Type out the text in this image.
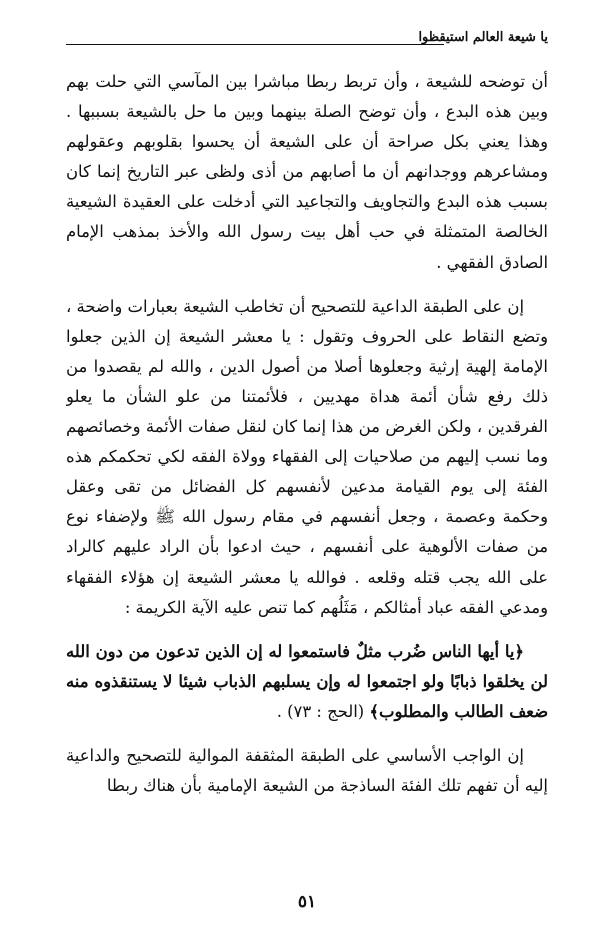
يا شيعة العالم استيقظوا

أن توضحه للشيعة ، وأن تربط ربطا مباشرا بين المآسي التي حلت بهم وبين هذه البدع ، وأن توضح الصلة بينهما وبين ما حل بالشيعة بسببها . وهذا يعني بكل صراحة أن على الشيعة أن يحسوا بقلوبهم وعقولهم ومشاعرهم ووجدانهم أن ما أصابهم من أذى ولظى عبر التاريخ إنما كان بسبب هذه البدع والتجاويف والتجاعيد التي أدخلت على العقيدة الشيعية الخالصة المتمثلة في حب أهل بيت رسول الله والأخذ بمذهب الإمام الصادق الفقهي .

إن على الطبقة الداعية للتصحيح أن تخاطب الشيعة بعبارات واضحة ، وتضع النقاط على الحروف وتقول : يا معشر الشيعة إن الذين جعلوا الإمامة إلهية إرثية وجعلوها أصلا من أصول الدين ، والله لم يقصدوا من ذلك رفع شأن أئمة هداة مهديين ، فلأئمتنا من علو الشأن ما يعلو الفرقدين ، ولكن الغرض من هذا إنما كان لنقل صفات الأئمة وخصائصهم وما نسب إليهم من صلاحيات إلى الفقهاء وولاة الفقه لكي تحكمكم هذه الفئة إلى يوم القيامة مدعين لأنفسهم كل الفضائل من تقى وعقل وحكمة وعصمة ، وجعل أنفسهم في مقام رسول الله ﷺ ولإضفاء نوع من صفات الألوهية على أنفسهم ، حيث ادعوا بأن الراد عليهم كالراد على الله يجب قتله وقلعه . فوالله يا معشر الشيعة إن هؤلاء الفقهاء ومدعي الفقه عباد أمثالكم ، مَثَلُهم كما تنص عليه الآية الكريمة :

﴿يا أيها الناس ضُرب مثلٌ فاستمعوا له إن الذين تدعون من دون الله لن يخلقوا ذبابًا ولو اجتمعوا له وإن يسلبهم الذباب شيئا لا يستنقذوه منه ضعف الطالب والمطلوب﴾ (الحج : ٧٣) .

إن الواجب الأساسي على الطبقة المثقفة الموالية للتصحيح والداعية إليه أن تفهم تلك الفئة الساذجة من الشيعة الإمامية بأن هناك ربطا

٥١
